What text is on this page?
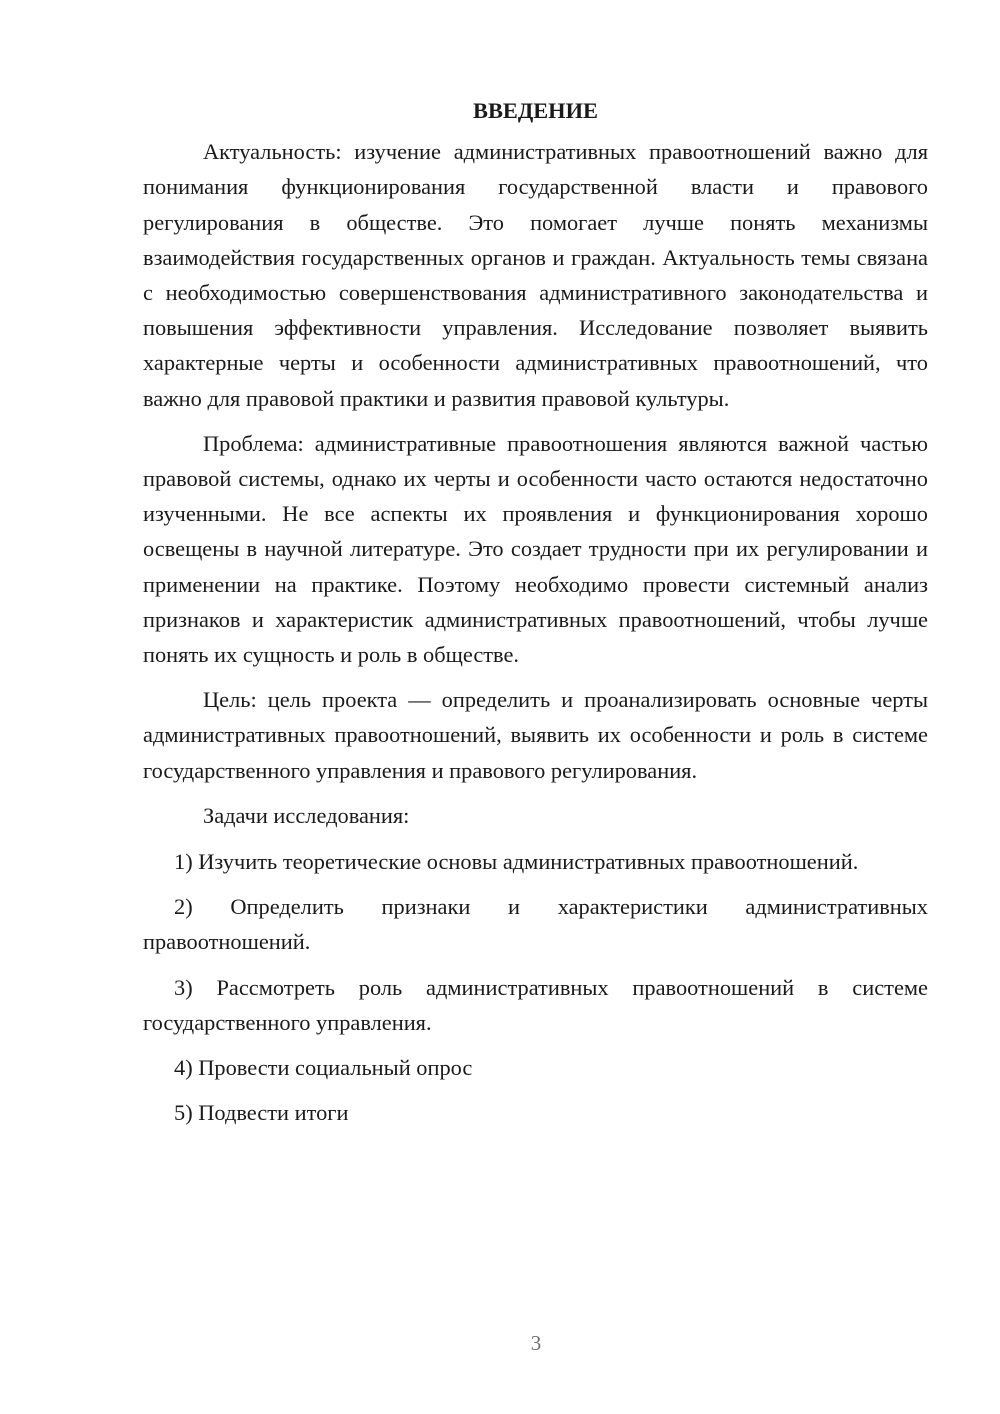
ВВЕДЕНИЕ

Актуальность: изучение административных правоотношений важно для понимания функционирования государственной власти и правового регулирования в обществе. Это помогает лучше понять механизмы взаимодействия государственных органов и граждан. Актуальность темы связана с необходимостью совершенствования административного законодательства и повышения эффективности управления. Исследование позволяет выявить характерные черты и особенности административных правоотношений, что важно для правовой практики и развития правовой культуры.

Проблема: административные правоотношения являются важной частью правовой системы, однако их черты и особенности часто остаются недостаточно изученными. Не все аспекты их проявления и функционирования хорошо освещены в научной литературе. Это создает трудности при их регулировании и применении на практике. Поэтому необходимо провести системный анализ признаков и характеристик административных правоотношений, чтобы лучше понять их сущность и роль в обществе.

Цель: цель проекта — определить и проанализировать основные черты административных правоотношений, выявить их особенности и роль в системе государственного управления и правового регулирования.

Задачи исследования:

1) Изучить теоретические основы административных правоотношений.

2) Определить признаки и характеристики административных правоотношений.

3) Рассмотреть роль административных правоотношений в системе государственного управления.

4) Провести социальный опрос

5) Подвести итоги

3
